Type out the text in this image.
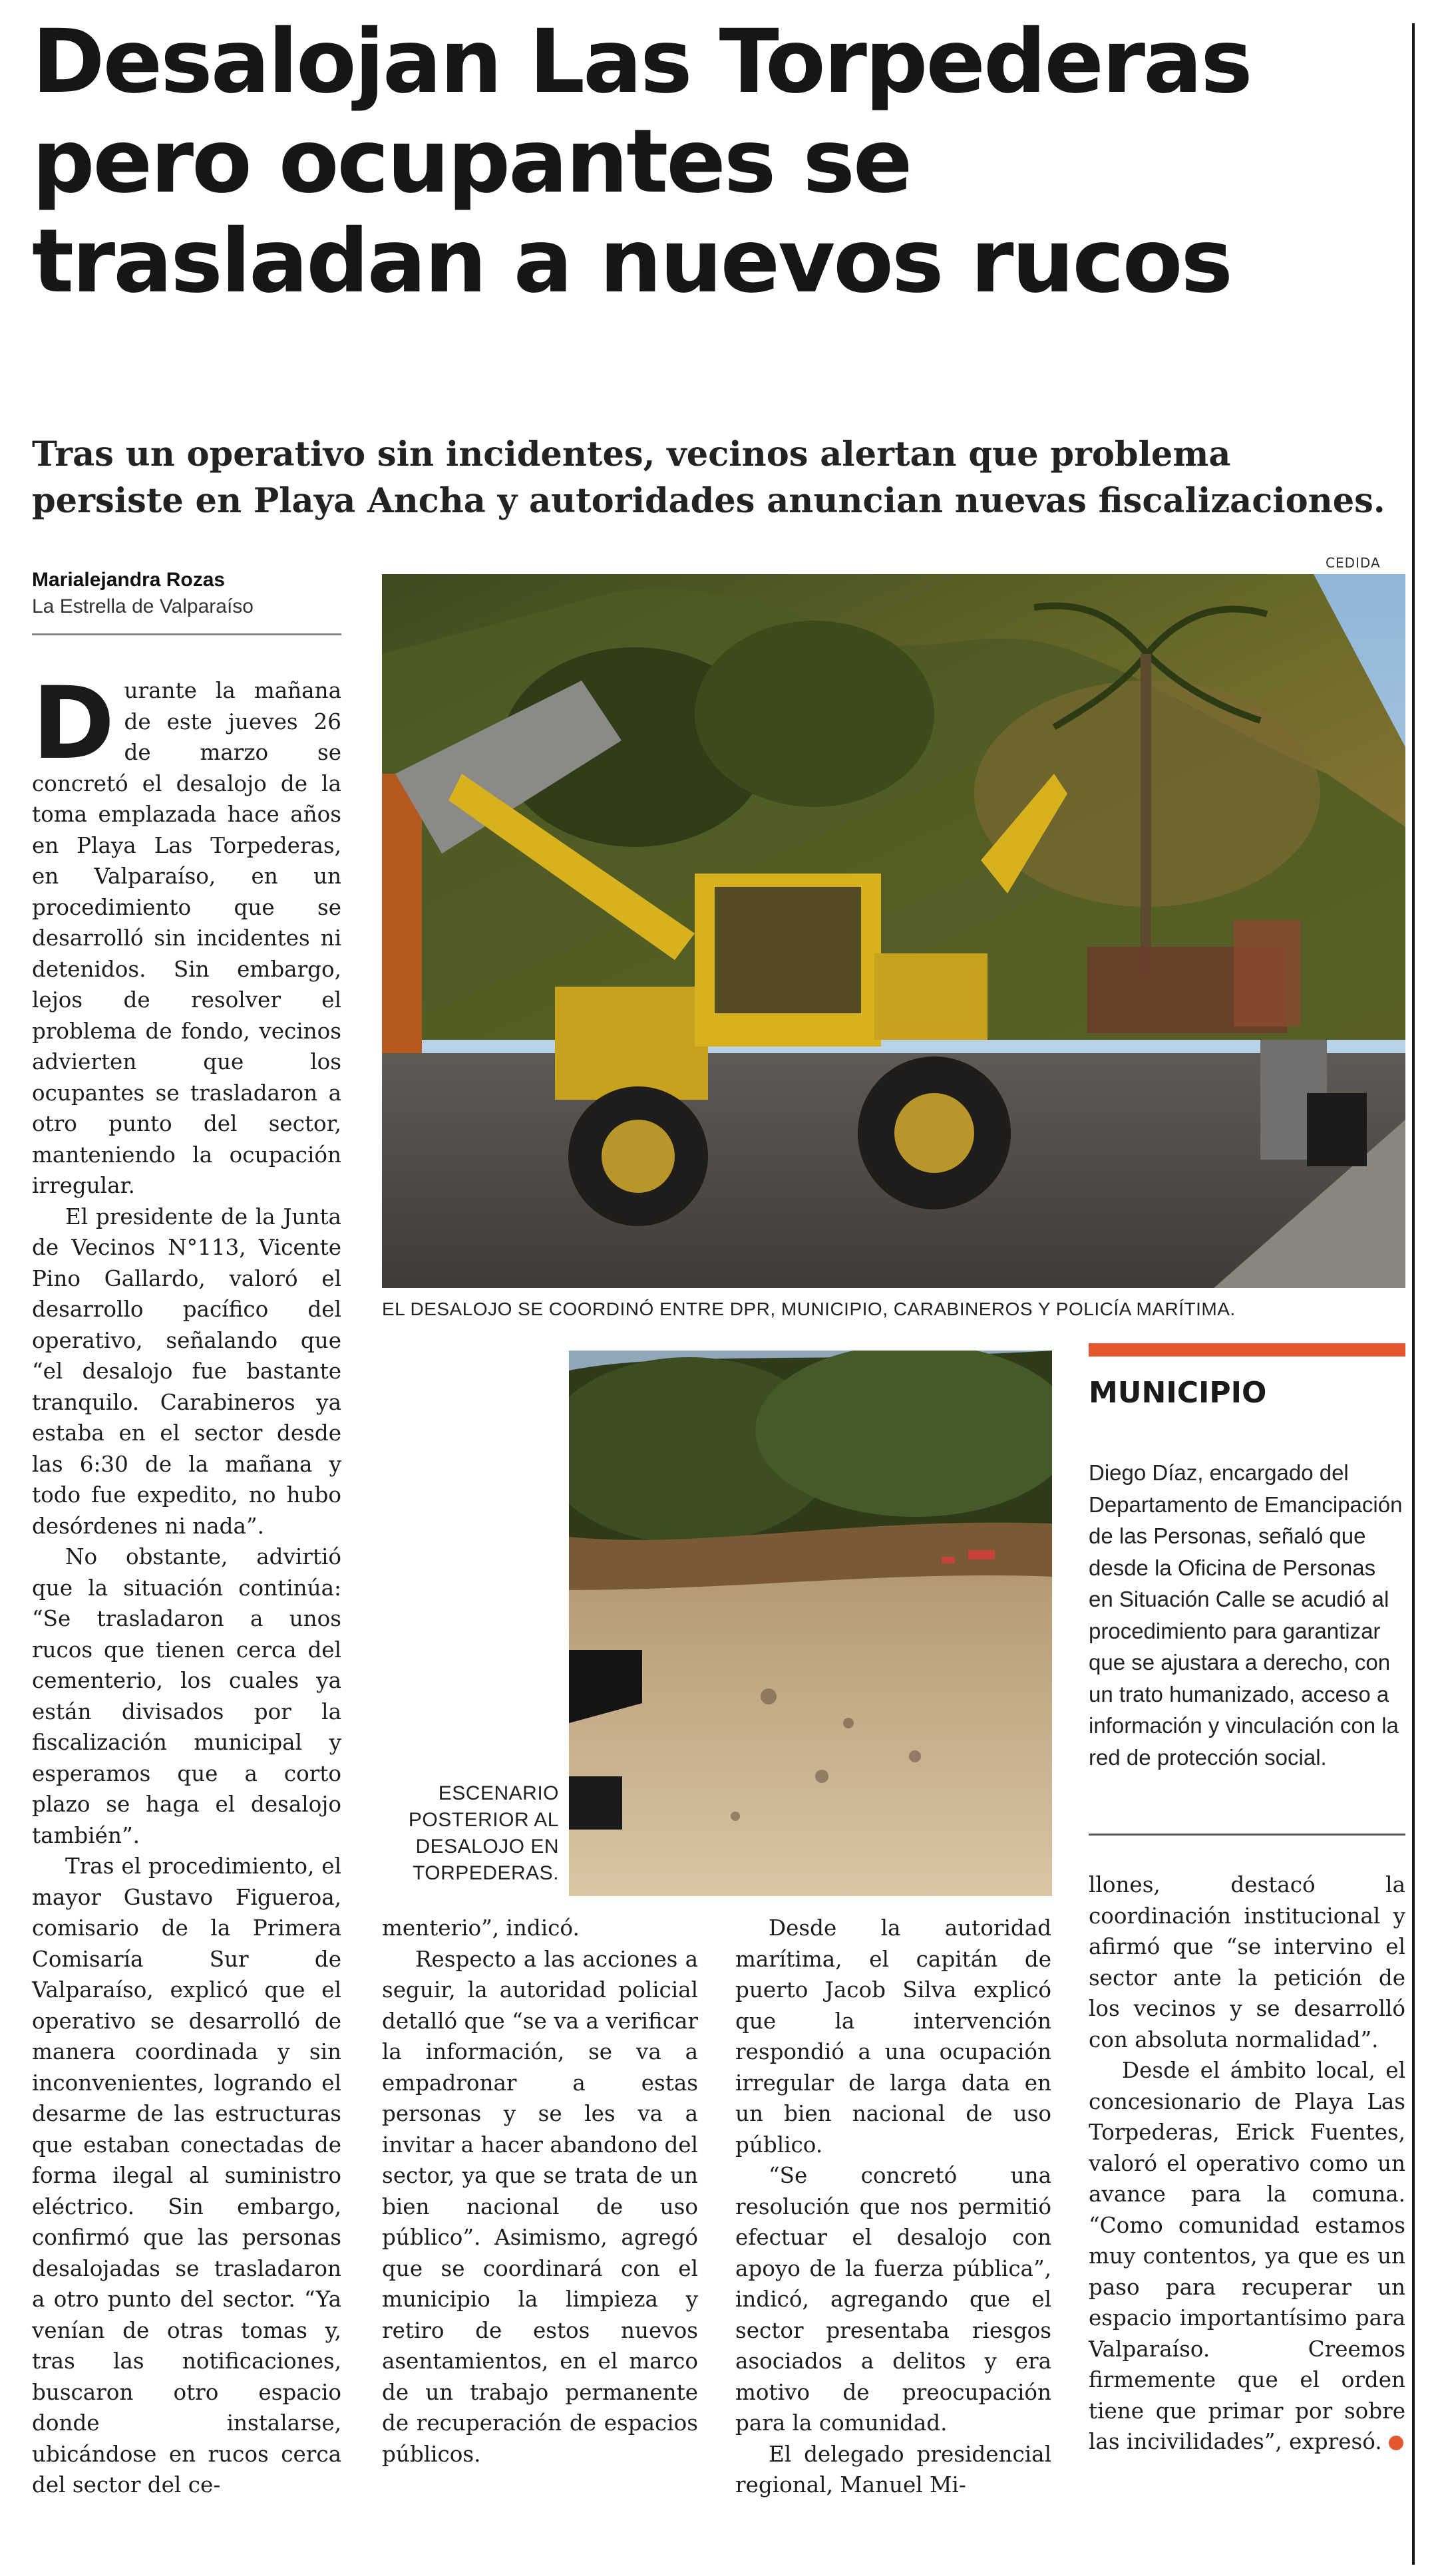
Desalojan Las Torpederas pero ocupantes se trasladan a nuevos rucos

Tras un operativo sin incidentes, vecinos alertan que problema persiste en Playa Ancha y autoridades anuncian nuevas fiscalizaciones.

CEDIDA
Marialejandra Rozas
La Estrella de Valparaíso
EL DESALOJO SE COORDINÓ ENTRE DPR, MUNICIPIO, CARABINEROS Y POLICÍA MARÍTIMA.
ESCENARIO POSTERIOR AL DESALOJO EN TORPEDERAS.
D urante la mañana de este jueves 26 de marzo se concretó el desalojo de la toma emplazada hace años en Playa Las Torpederas, en Valparaíso, en un procedimiento que se desarrolló sin incidentes ni detenidos. Sin embargo, lejos de resolver el problema de fondo, vecinos advierten que los ocupantes se trasladaron a otro punto del sector, manteniendo la ocupación irregular.

El presidente de la Junta de Vecinos N°113, Vicente Pino Gallardo, valoró el desarrollo pacífico del operativo, señalando que “el desalojo fue bastante tranquilo. Carabineros ya estaba en el sector desde las 6:30 de la mañana y todo fue expedito, no hubo desórdenes ni nada”.

No obstante, advirtió que la situación continúa: “Se trasladaron a unos rucos que tienen cerca del cementerio, los cuales ya están divisados por la fiscalización municipal y esperamos que a corto plazo se haga el desalojo también”.

Tras el procedimiento, el mayor Gustavo Figueroa, comisario de la Primera Comisaría Sur de Valparaíso, explicó que el operativo se desarrolló de manera coordinada y sin inconvenientes, logrando el desarme de las estructuras que estaban conectadas de forma ilegal al suministro eléctrico. Sin embargo, confirmó que las personas desalojadas se trasladaron a otro punto del sector. “Ya venían de otras tomas y, tras las notificaciones, buscaron otro espacio donde instalarse, ubicándose en rucos cerca del sector del ce-

menterio”, indicó.

Respecto a las acciones a seguir, la autoridad policial detalló que “se va a verificar la información, se va a empadronar a estas personas y se les va a invitar a hacer abandono del sector, ya que se trata de un bien nacional de uso público”. Asimismo, agregó que se coordinará con el municipio la limpieza y retiro de estos nuevos asentamientos, en el marco de un trabajo permanente de recuperación de espacios públicos.

Desde la autoridad marítima, el capitán de puerto Jacob Silva explicó que la intervención respondió a una ocupación irregular de larga data en un bien nacional de uso público.

“Se concretó una resolución que nos permitió efectuar el desalojo con apoyo de la fuerza pública”, indicó, agregando que el sector presentaba riesgos asociados a delitos y era motivo de preocupación para la comunidad.

El delegado presidencial regional, Manuel Mi-

llones, destacó la coordinación institucional y afirmó que “se intervino el sector ante la petición de los vecinos y se desarrolló con absoluta normalidad”.

Desde el ámbito local, el concesionario de Playa Las Torpederas, Erick Fuentes, valoró el operativo como un avance para la comuna. “Como comunidad estamos muy contentos, ya que es un paso para recuperar un espacio importantísimo para Valparaíso. Creemos firmemente que el orden tiene que primar por sobre las incivilidades”, expresó.	✪

MUNICIPIO
Diego Díaz, encargado del Departamento de Emancipación de las Personas, señaló que desde la Oficina de Personas en Situación Calle se acudió al procedimiento para garantizar que se ajustara a derecho, con un trato humanizado, acceso a información y vinculación con la red de protección social.
